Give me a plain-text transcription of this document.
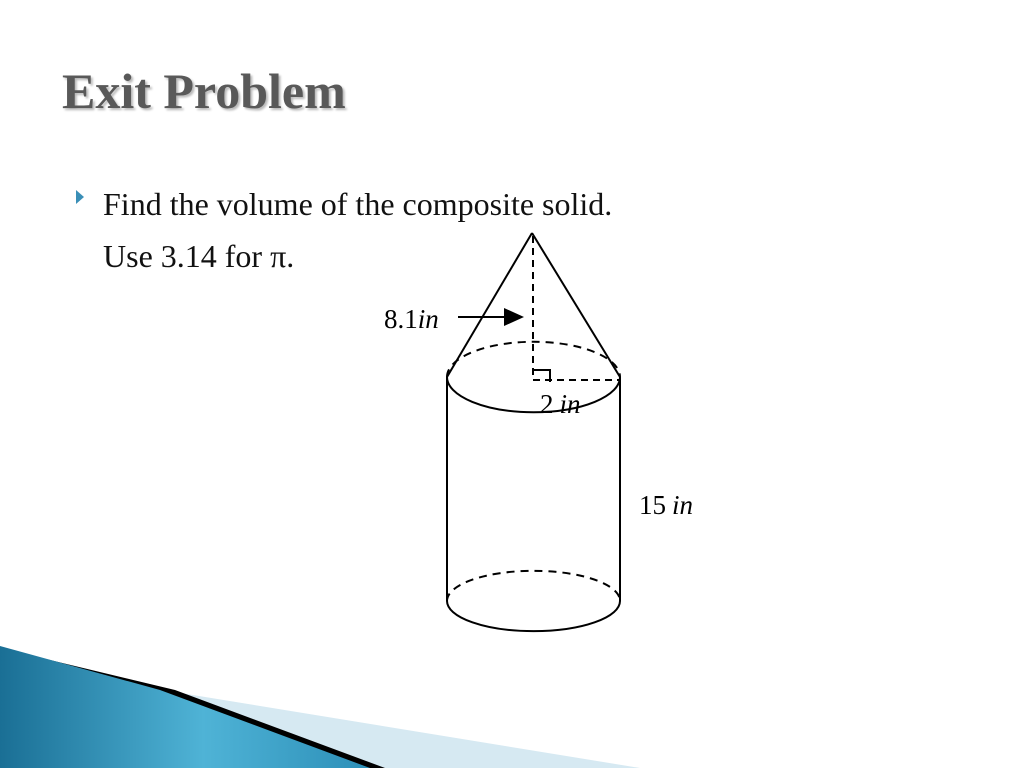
Exit Problem
Find the volume of the composite solid.
Use 3.14 for π.
8.1in
2 in
15 in
